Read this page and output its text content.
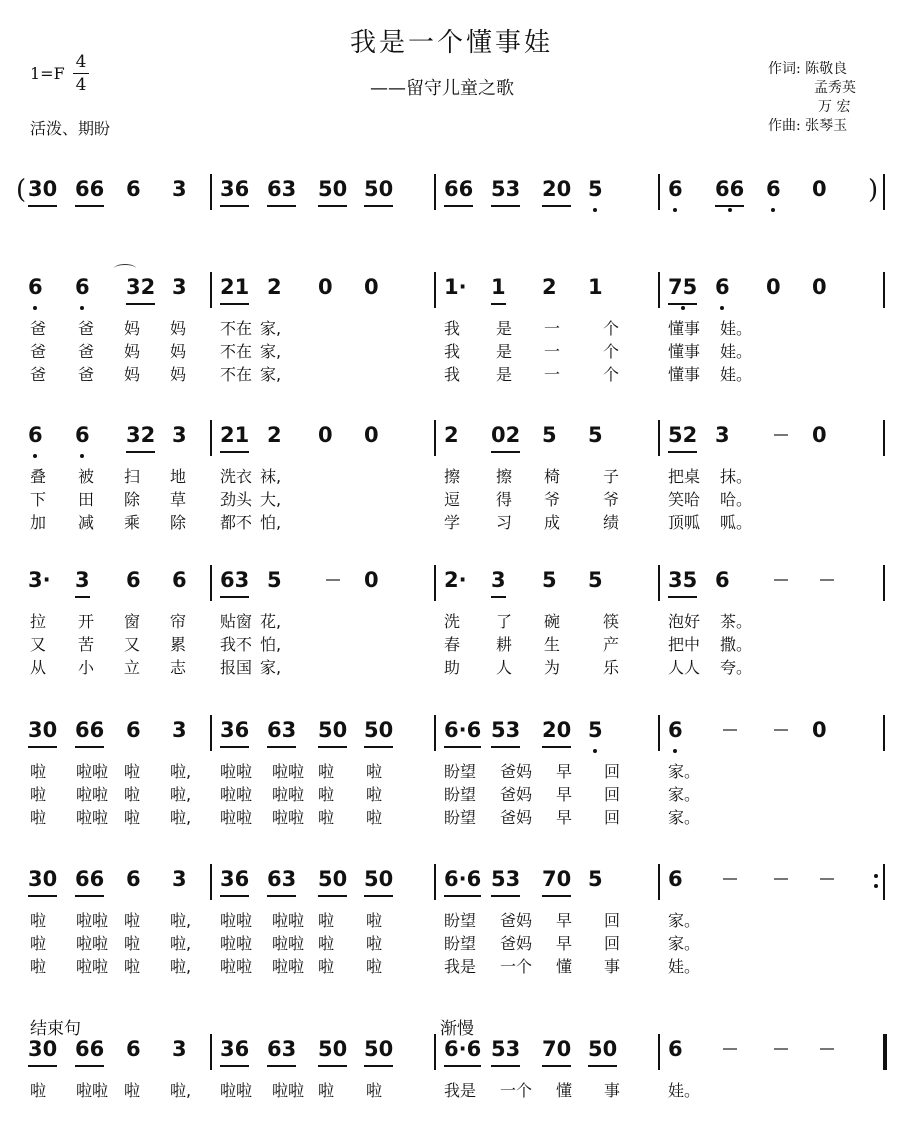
我是一个懂事娃
——留守儿童之歌
1=F
4
4
活泼、期盼
作词: 陈敬良
孟秀英
万 宏
作曲: 张琴玉
结束句	渐慢
30 66 6 3 36 63 50 50 66 53 20 5	6 66 6 0
(	)
6 6 32 3 21 2 0 0	1· 1 2 1	75 6 0 0
爸 爸 妈 妈 不在 家,	我 是 一	个	懂事 娃。
爸 爸 妈 妈 不在 家,	我 是 一	个	懂事 娃。
爸 爸 妈 妈 不在 家,	我 是 一	个	懂事 娃。
6 6 32 3 21 2 0 0	2 02 5 5	52 3	0
叠 被 扫 地 洗衣 袜,	擦 擦 椅	子	把桌 抹。
下 田 除 草 劲头 大,	逗 得 爷	爷	笑哈 哈。
加 减 乘 除 都不 怕,	学 习 成	绩	顶呱 呱。
3· 3 6 6 63 5	0	2· 3 5 5	35 6
拉 开 窗 帘 贴窗 花,	洗 了 碗	筷	泡好 茶。
又 苦 又 累 我不 怕,	春 耕 生	产	把中 撒。
从 小 立 志 报国 家,	助 人 为	乐	人人 夸。
30 66 6 3 36 63 50 50 6·6 53 20 5	6	0
啦 啦啦 啦 啦, 啦啦 啦啦 啦 啦	盼望 爸妈 早 回	家。
啦 啦啦 啦 啦, 啦啦 啦啦 啦 啦	盼望 爸妈 早 回	家。
啦 啦啦 啦 啦, 啦啦 啦啦 啦 啦	盼望 爸妈 早 回	家。
30 66 6 3 36 63 50 50 6·6 53 70 5	6
啦 啦啦 啦 啦, 啦啦 啦啦 啦 啦	盼望 爸妈 早 回	家。
啦 啦啦 啦 啦, 啦啦 啦啦 啦 啦	盼望 爸妈 早 回	家。
啦 啦啦 啦 啦, 啦啦 啦啦 啦 啦	我是 一个 懂 事	娃。
30 66 6 3 36 63 50 50 6·6 53 70 50 6
啦 啦啦 啦 啦, 啦啦 啦啦 啦 啦	我是 一个 懂 事	娃。
